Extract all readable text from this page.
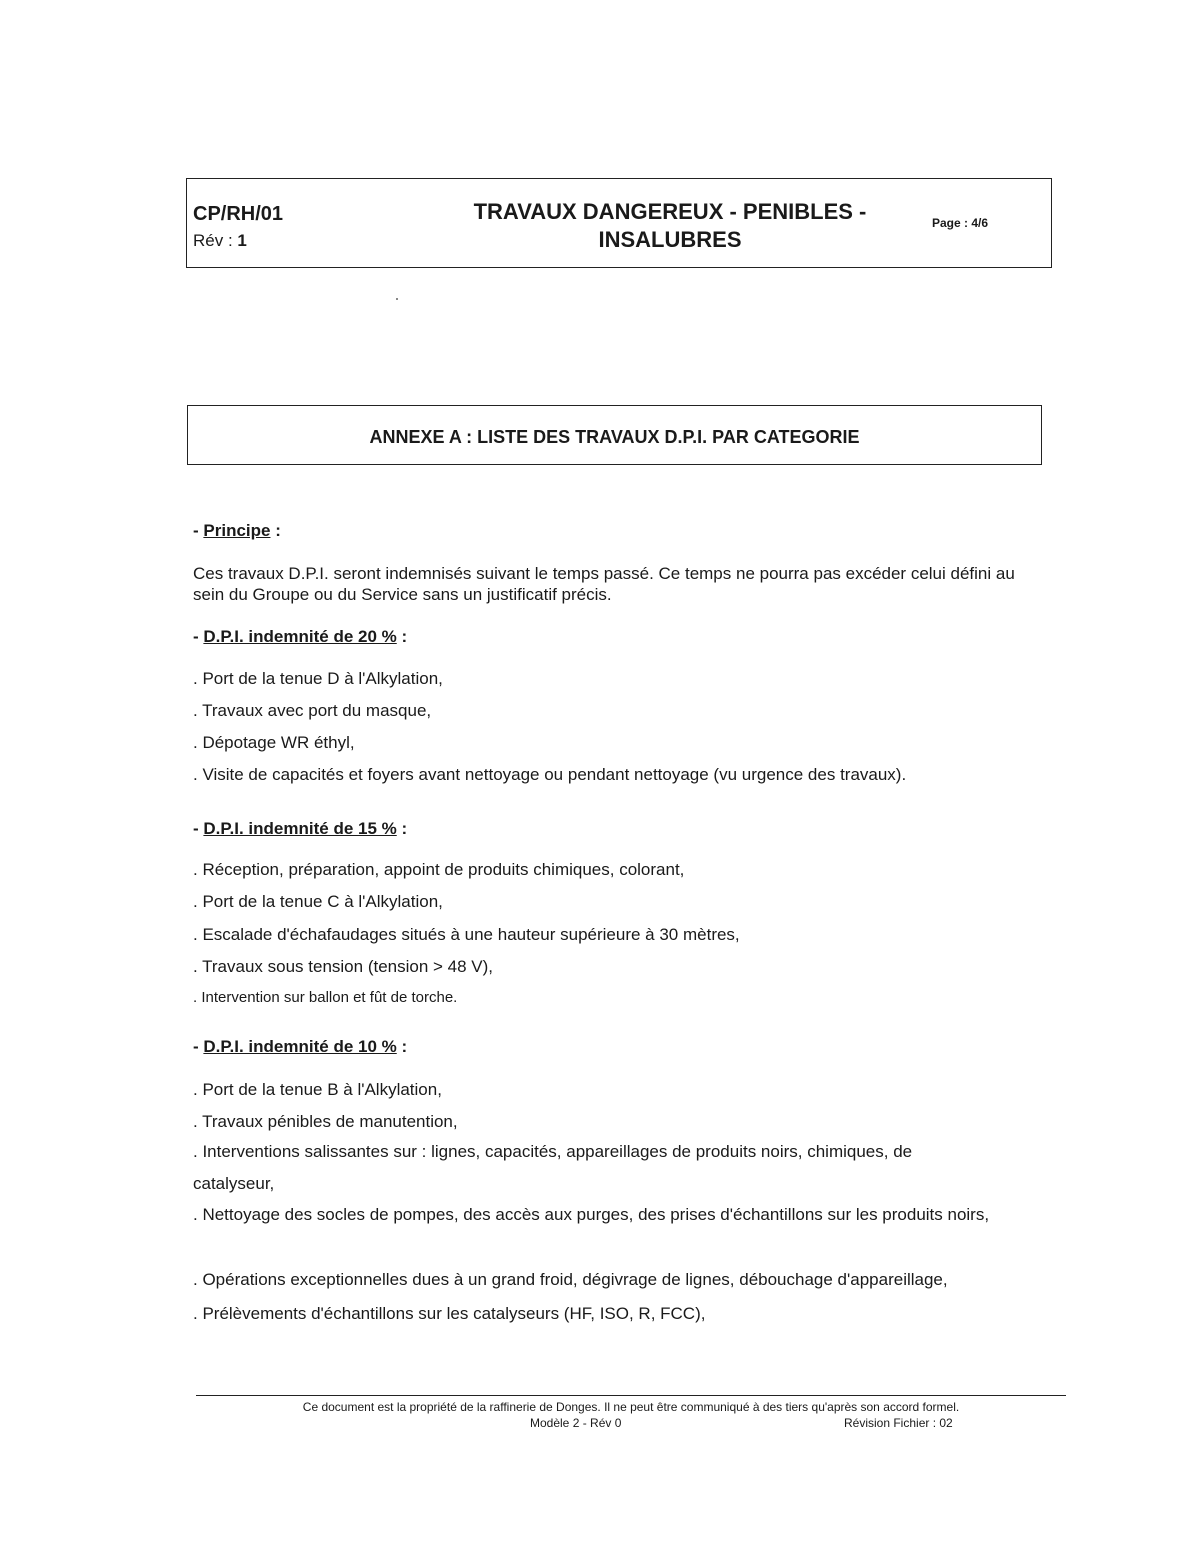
CP/RH/01
Rév : 1
TRAVAUX DANGEREUX - PENIBLES -
INSALUBRES
Page : 4/6
ANNEXE A : LISTE DES TRAVAUX D.P.I. PAR CATEGORIE
- Principe :
Ces travaux D.P.I. seront indemnisés suivant le temps passé. Ce temps ne pourra pas excéder celui défini au sein du Groupe ou du Service sans un justificatif précis.
- D.P.I. indemnité de 20 % :
. Port de la tenue D à l'Alkylation,
. Travaux avec port du masque,
. Dépotage WR éthyl,
. Visite de capacités et foyers avant nettoyage ou pendant nettoyage (vu urgence des travaux).
- D.P.I. indemnité de 15 % :
. Réception, préparation, appoint de produits chimiques, colorant,
. Port de la tenue C à l'Alkylation,
. Escalade d'échafaudages situés à une hauteur supérieure à 30 mètres,
. Travaux sous tension (tension > 48 V),
. Intervention sur ballon et fût de torche.
- D.P.I. indemnité de 10 % :
. Port de la tenue B à l'Alkylation,
. Travaux pénibles de manutention,
. Interventions salissantes sur : lignes, capacités, appareillages de produits noirs, chimiques, de catalyseur,
. Nettoyage des socles de pompes, des accès aux purges, des prises d'échantillons sur les produits noirs,
. Opérations exceptionnelles dues à un grand froid, dégivrage de lignes, débouchage d'appareillage,
. Prélèvements d'échantillons sur les catalyseurs (HF, ISO, R, FCC),
Ce document est la propriété de la raffinerie de Donges. Il ne peut être communiqué à des tiers qu'après son accord formel.
Modèle 2 - Rév 0	Révision Fichier : 02
